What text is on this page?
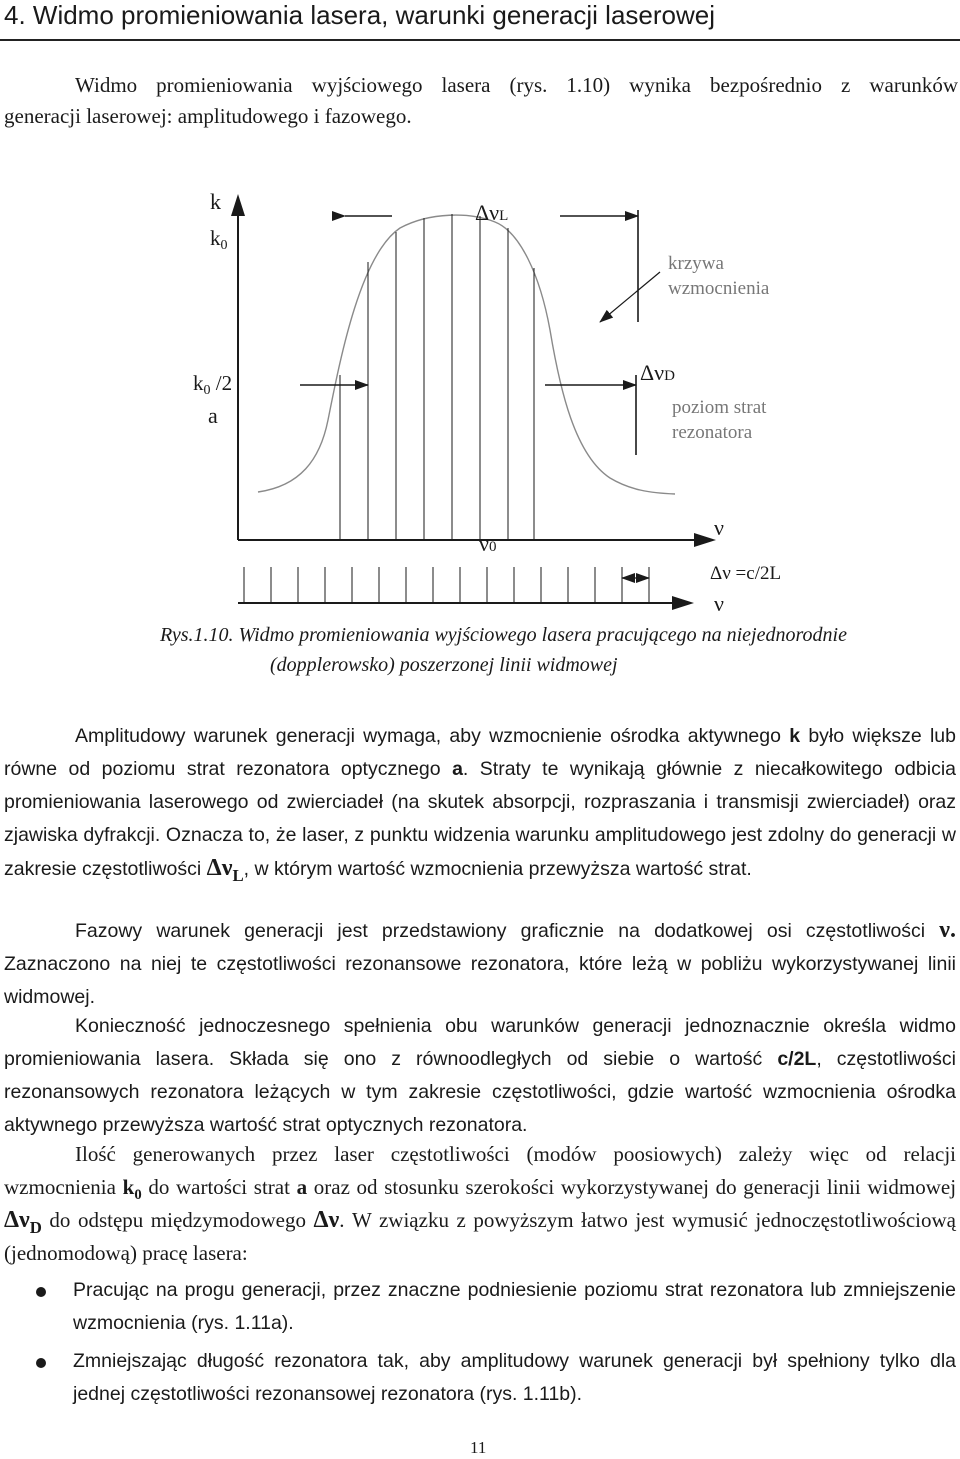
4. Widmo promieniowania lasera, warunki generacji laserowej
Widmo promieniowania wyjściowego lasera (rys. 1.10) wynika bezpośrednio z warunków
generacji laserowej: amplitudowego i fazowego.
k
k0
ΔνL
krzywa
wzmocnienia
k0 /2
a
ΔνD
poziom strat
rezonatora
ν0
ν
Δν =c/2L
ν
Rys.1.10. Widmo promieniowania wyjściowego lasera pracującego na niejednorodnie
(dopplerowsko) poszerzonej linii widmowej

Amplitudowy warunek generacji wymaga, aby wzmocnienie ośrodka aktywnego k było większe lub równe od poziomu strat rezonatora optycznego a. Straty te wynikają głównie z niecałkowitego odbicia promieniowania laserowego od zwierciadeł (na skutek absorpcji, rozpraszania i transmisji zwierciadeł) oraz zjawiska dyfrakcji. Oznacza to, że laser, z punktu widzenia warunku amplitudowego jest zdolny do generacji w zakresie częstotliwości $\Delta\nu_L$, w którym wartość wzmocnienia przewyższa wartość strat.

Fazowy warunek generacji jest przedstawiony graficznie na dodatkowej osi częstotliwości ν. Zaznaczono na niej te częstotliwości rezonansowe rezonatora, które leżą w pobliżu wykorzystywanej linii widmowej.

Konieczność jednoczesnego spełnienia obu warunków generacji jednoznacznie określa widmo promieniowania lasera. Składa się ono z równoodległych od siebie o wartość c/2L, częstotliwości rezonansowych rezonatora leżących w tym zakresie częstotliwości, gdzie wartość wzmocnienia ośrodka aktywnego przewyższa wartość strat optycznych rezonatora.

Ilość generowanych przez laser częstotliwości (modów poosiowych) zależy więc od relacji wzmocnienia $k_0$ do wartości strat a oraz od stosunku szerokości wykorzystywanej do generacji linii widmowej $\Delta\nu_D$ do odstępu międzymodowego Δν. W związku z powyższym łatwo jest wymusić jednoczęstotliwościową (jednomodową) pracę lasera:

Pracując na progu generacji, przez znaczne podniesienie poziomu strat rezonatora lub zmniejszenie wzmocnienia (rys. 1.11a).
Zmniejszając długość rezonatora tak, aby amplitudowy warunek generacji był spełniony tylko dla jednej częstotliwości rezonansowej rezonatora (rys. 1.11b).
11
